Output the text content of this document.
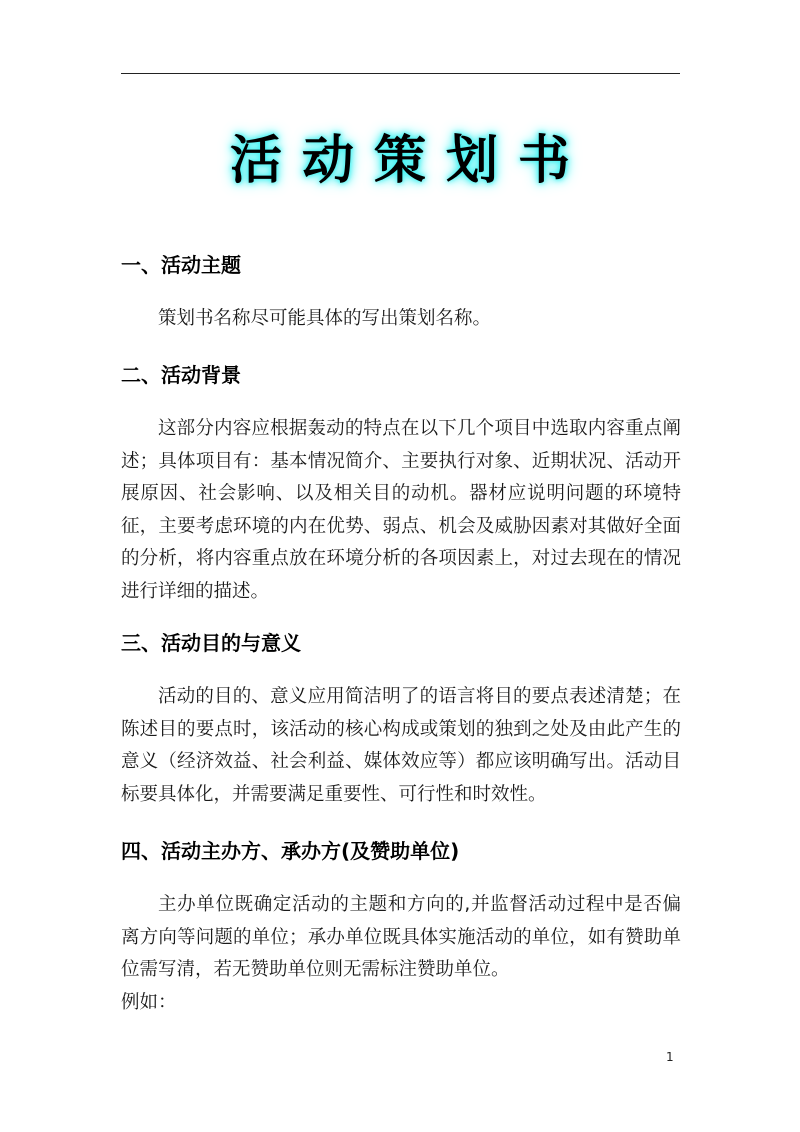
活动策划书
一、活动主题
策划书名称尽可能具体的写出策划名称。
二、活动背景
这部分内容应根据轰动的特点在以下几个项目中选取内容重点阐述；具体项目有：基本情况简介、主要执行对象、近期状况、活动开展原因、社会影响、以及相关目的动机。器材应说明问题的环境特征，主要考虑环境的内在优势、弱点、机会及威胁因素对其做好全面的分析，将内容重点放在环境分析的各项因素上，对过去现在的情况进行详细的描述。
三、活动目的与意义
活动的目的、意义应用简洁明了的语言将目的要点表述清楚；在陈述目的要点时，该活动的核心构成或策划的独到之处及由此产生的意义（经济效益、社会利益、媒体效应等）都应该明确写出。活动目标要具体化，并需要满足重要性、可行性和时效性。
四、活动主办方、承办方(及赞助单位)
主办单位既确定活动的主题和方向的,并监督活动过程中是否偏离方向等问题的单位；承办单位既具体实施活动的单位，如有赞助单位需写清，若无赞助单位则无需标注赞助单位。
例如：
1
